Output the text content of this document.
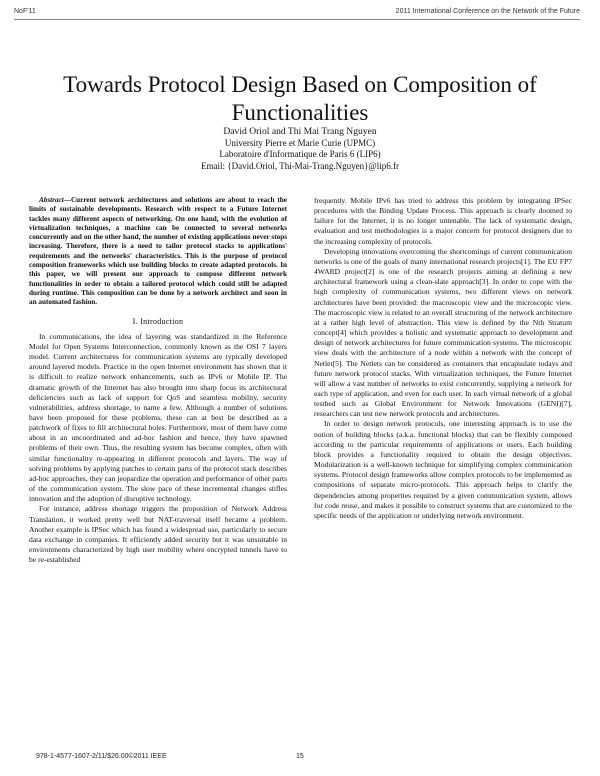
NoF'11	2011 International Conference on the Network of the Future
Towards Protocol Design Based on Composition of Functionalities
David Oriol and Thi Mai Trang Nguyen
University Pierre et Marie Curie (UPMC)
Laboratoire d'Informatique de Paris 6 (LIP6)
Email: {David.Oriol, Thi-Mai-Trang.Nguyen}@lip6.fr

Abstract—Current network architectures and solutions are about to reach the limits of sustainable developments. Research with respect to a Future Internet tackles many different aspects of networking. On one hand, with the evolution of virtualization techniques, a machine can be connected to several networks concurrently and on the other hand, the number of existing applications never stops increasing. Therefore, there is a need to tailor protocol stacks to applications' requirements and the networks' characteristics. This is the purpose of protocol composition frameworks which use building blocks to create adapted protocols. In this paper, we will present our approach to compose different network functionalities in order to obtain a tailored protocol which could still be adapted during runtime. This composition can be done by a network architect and soon in an automated fashion.

I. Introduction

In communications, the idea of layering was standardized in the Reference Model for Open Systems Interconnection, commonly known as the OSI 7 layers model. Current architectures for communication systems are typically developed around layered models. Practice in the open Internet environment has shown that it is difficult to realize network enhancements, such as IPv6 or Mobile IP. The dramatic growth of the Internet has also brought into sharp focus its architectural deficiencies such as lack of support for QoS and seamless mobility, security vulnerabilities, address shortage, to name a few. Although a number of solutions have been proposed for these problems, these can at best be described as a patchwork of fixes to fill architectural holes. Furthermore, most of them have come about in an uncoordinated and ad-hoc fashion and hence, they have spawned problems of their own. Thus, the resulting system has become complex, often with similar functionality re-appearing in different protocols and layers. The way of solving problems by applying patches to certain parts of the protocol stack describes ad-hoc approaches, they can jeopardize the operation and performance of other parts of the communication system. The slow pace of these incremental changes stifles innovation and the adoption of disruptive technology.

For instance, address shortage triggers the proposition of Network Address Translation, it worked pretty well but NAT-traversal itself became a problem. Another example is IPSec which has found a widespread use, particularly to secure data exchange in companies. It efficiently added security but it was unsuitable in environments characterized by high user mobility where encrypted tunnels have to be re-established

frequently. Mobile IPv6 has tried to address this problem by integrating IPSec procedures with the Binding Update Process. This approach is clearly doomed to failure for the Internet, it is no longer untenable. The lack of systematic design, evaluation and test methodologies is a major concern for protocol designers due to the increasing complexity of protocols.

Developing innovations overcoming the shortcomings of current communication networks is one of the goals of many international research projects[1]. The EU FP7 4WARD project[2] is one of the research projects aiming at defining a new architectural framework using a clean-slate approach[3]. In order to cope with the high complexity of communication systems, two different views on network architectures have been provided: the macroscopic view and the microscopic view. The macroscopic view is related to an overall structuring of the network architecture at a rather high level of abstraction. This view is defined by the Nth Stratum concept[4] which provides a holistic and systematic approach to development and design of network architectures for future communication systems. The microscopic view deals with the architecture of a node within a network with the concept of Netlet[5]. The Netlets can be considered as containers that encapsulate todays and future network protocol stacks. With virtualization techniques, the Future Internet will allow a vast number of networks to exist concurrently, supplying a network for each type of application, and even for each user. In each virtual network of a global testbed such as Global Environment for Network Innovations (GENI)[7], researchers can test new network protocols and architectures.

In order to design network protocols, one interesting approach is to use the notion of building blocks (a.k.a. functional blocks) that can be flexibly composed according to the particular requirements of applications or users. Each building block provides a functionality required to obtain the design objectives. Modularization is a well-known technique for simplifying complex communication systems. Protocol design frameworks allow complex protocols to be implemented as compositions of separate micro-protocols. This approach helps to clarify the dependencies among properties required by a given communication system, allows for code reuse, and makes it possible to construct systems that are customized to the specific needs of the application or underlying network environment.

978-1-4577-1607-2/11/$26.00©2011 IEEE	15
